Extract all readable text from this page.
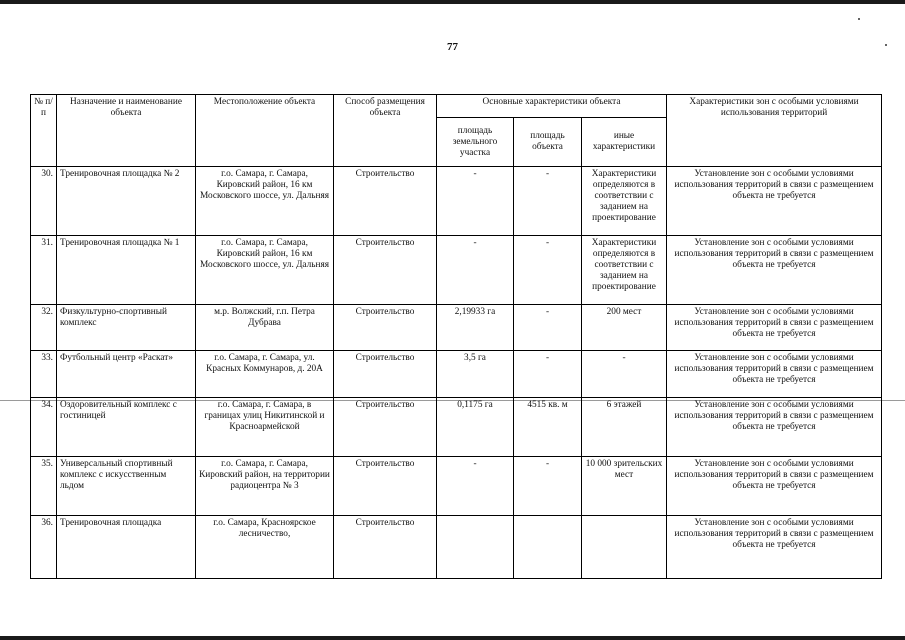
77
№ п/п	Назначение и наименование объекта	Местоположение объекта	Способ размещения объекта	Основные характеристики объекта			Характеристики зон с особыми условиями использования территорий
				площадь земельного участка	площадь объекта	иные характеристики	
30.	Тренировочная площадка № 2	г.о. Самара, г. Самара, Кировский район, 16 км Московского шоссе, ул. Дальняя	Строительство	-	-	Характеристики определяются в соответствии с заданием на проектирование	Установление зон с особыми условиями использования территорий в связи с размещением объекта не требуется
31.	Тренировочная площадка № 1	г.о. Самара, г. Самара, Кировский район, 16 км Московского шоссе, ул. Дальняя	Строительство	-	-	Характеристики определяются в соответствии с заданием на проектирование	Установление зон с особыми условиями использования территорий в связи с размещением объекта не требуется
32.	Физкультурно-спортивный комплекс	м.р. Волжский, г.п. Петра Дубрава	Строительство	2,19933 га	-	200 мест	Установление зон с особыми условиями использования территорий в связи с размещением объекта не требуется
33.	Футбольный центр «Раскат»	г.о. Самара, г. Самара, ул. Красных Коммунаров, д. 20А	Строительство	3,5 га	-	-	Установление зон с особыми условиями использования территорий в связи с размещением объекта не требуется
34.	Оздоровительный комплекс с гостиницей	г.о. Самара, г. Самара, в границах улиц Никитинской и Красноармейской	Строительство	0,1175 га	4515 кв. м	6 этажей	Установление зон с особыми условиями использования территорий в связи с размещением объекта не требуется
35.	Универсальный спортивный комплекс с искусственным льдом	г.о. Самара, г. Самара, Кировский район, на территории радиоцентра № 3	Строительство	-	-	10 000 зрительских мест	Установление зон с особыми условиями использования территорий в связи с размещением объекта не требуется
36.	Тренировочная площадка	г.о. Самара, Красноярское лесничество,	Строительство				Установление зон с особыми условиями использования территорий в связи с размещением объекта не требуется
